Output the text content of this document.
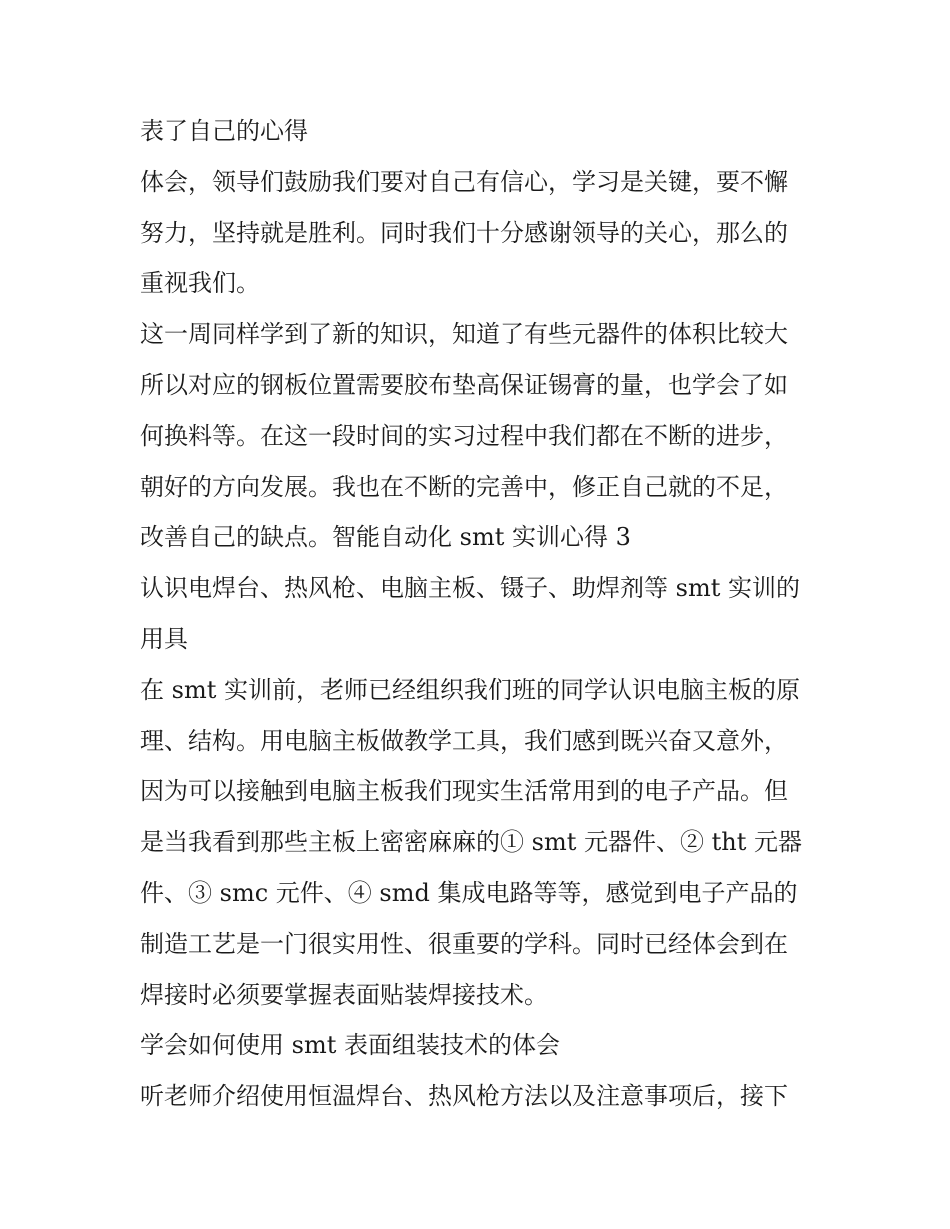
表了自己的心得
体会，领导们鼓励我们要对自己有信心，学习是关键，要不懈
努力，坚持就是胜利。同时我们十分感谢领导的关心，那么的
重视我们。
这一周同样学到了新的知识，知道了有些元器件的体积比较大
所以对应的钢板位置需要胶布垫高保证锡膏的量，也学会了如
何换料等。在这一段时间的实习过程中我们都在不断的进步，
朝好的方向发展。我也在不断的完善中，修正自己就的不足，
改善自己的缺点。智能自动化 smt 实训心得 3
认识电焊台、热风枪、电脑主板、镊子、助焊剂等 smt 实训的
用具
在 smt 实训前，老师已经组织我们班的同学认识电脑主板的原
理、结构。用电脑主板做教学工具，我们感到既兴奋又意外，
因为可以接触到电脑主板我们现实生活常用到的电子产品。但
是当我看到那些主板上密密麻麻的① smt 元器件、② tht 元器
件、③ smc 元件、④ smd 集成电路等等，感觉到电子产品的
制造工艺是一门很实用性、很重要的学科。同时已经体会到在
焊接时必须要掌握表面贴装焊接技术。
学会如何使用 smt 表面组装技术的体会
听老师介绍使用恒温焊台、热风枪方法以及注意事项后，接下
